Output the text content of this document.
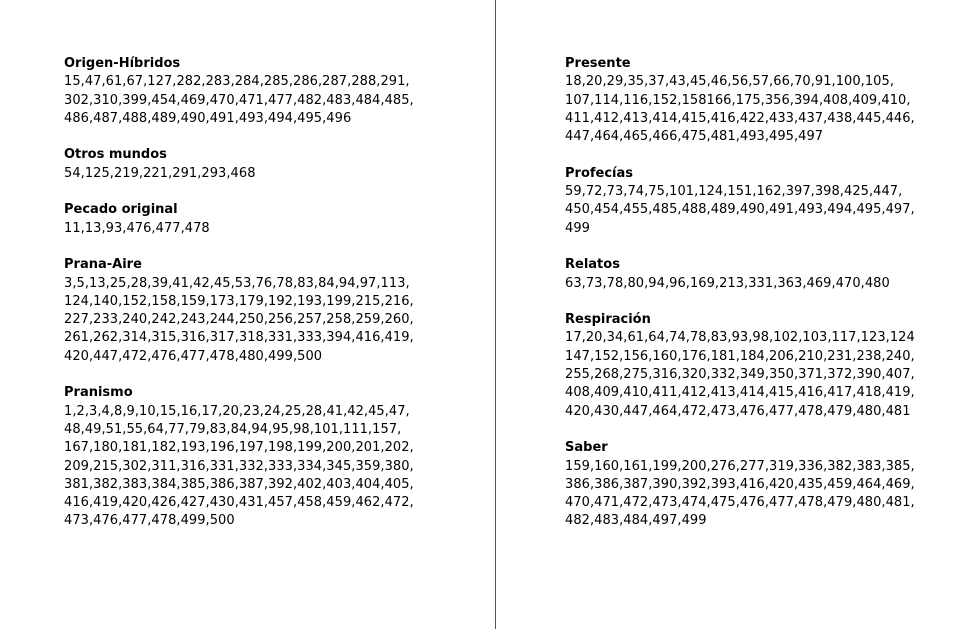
Origen-Híbridos

15,47,61,67,127,282,283,284,285,286,287,288,291,

302,310,399,454,469,470,471,477,482,483,484,485,

486,487,488,489,490,491,493,494,495,496

Otros mundos

54,125,219,221,291,293,468

Pecado original

11,13,93,476,477,478

Prana-Aire

3,5,13,25,28,39,41,42,45,53,76,78,83,84,94,97,113,

124,140,152,158,159,173,179,192,193,199,215,216,

227,233,240,242,243,244,250,256,257,258,259,260,

261,262,314,315,316,317,318,331,333,394,416,419,

420,447,472,476,477,478,480,499,500

Pranismo

1,2,3,4,8,9,10,15,16,17,20,23,24,25,28,41,42,45,47,

48,49,51,55,64,77,79,83,84,94,95,98,101,111,157,

167,180,181,182,193,196,197,198,199,200,201,202,

209,215,302,311,316,331,332,333,334,345,359,380,

381,382,383,384,385,386,387,392,402,403,404,405,

416,419,420,426,427,430,431,457,458,459,462,472,

473,476,477,478,499,500

Presente

18,20,29,35,37,43,45,46,56,57,66,70,91,100,105,

107,114,116,152,158166,175,356,394,408,409,410,

411,412,413,414,415,416,422,433,437,438,445,446,

447,464,465,466,475,481,493,495,497

Profecías

59,72,73,74,75,101,124,151,162,397,398,425,447,

450,454,455,485,488,489,490,491,493,494,495,497,

499

Relatos

63,73,78,80,94,96,169,213,331,363,469,470,480

Respiración

17,20,34,61,64,74,78,83,93,98,102,103,117,123,124

147,152,156,160,176,181,184,206,210,231,238,240,

255,268,275,316,320,332,349,350,371,372,390,407,

408,409,410,411,412,413,414,415,416,417,418,419,

420,430,447,464,472,473,476,477,478,479,480,481

Saber

159,160,161,199,200,276,277,319,336,382,383,385,

386,386,387,390,392,393,416,420,435,459,464,469,

470,471,472,473,474,475,476,477,478,479,480,481,

482,483,484,497,499
